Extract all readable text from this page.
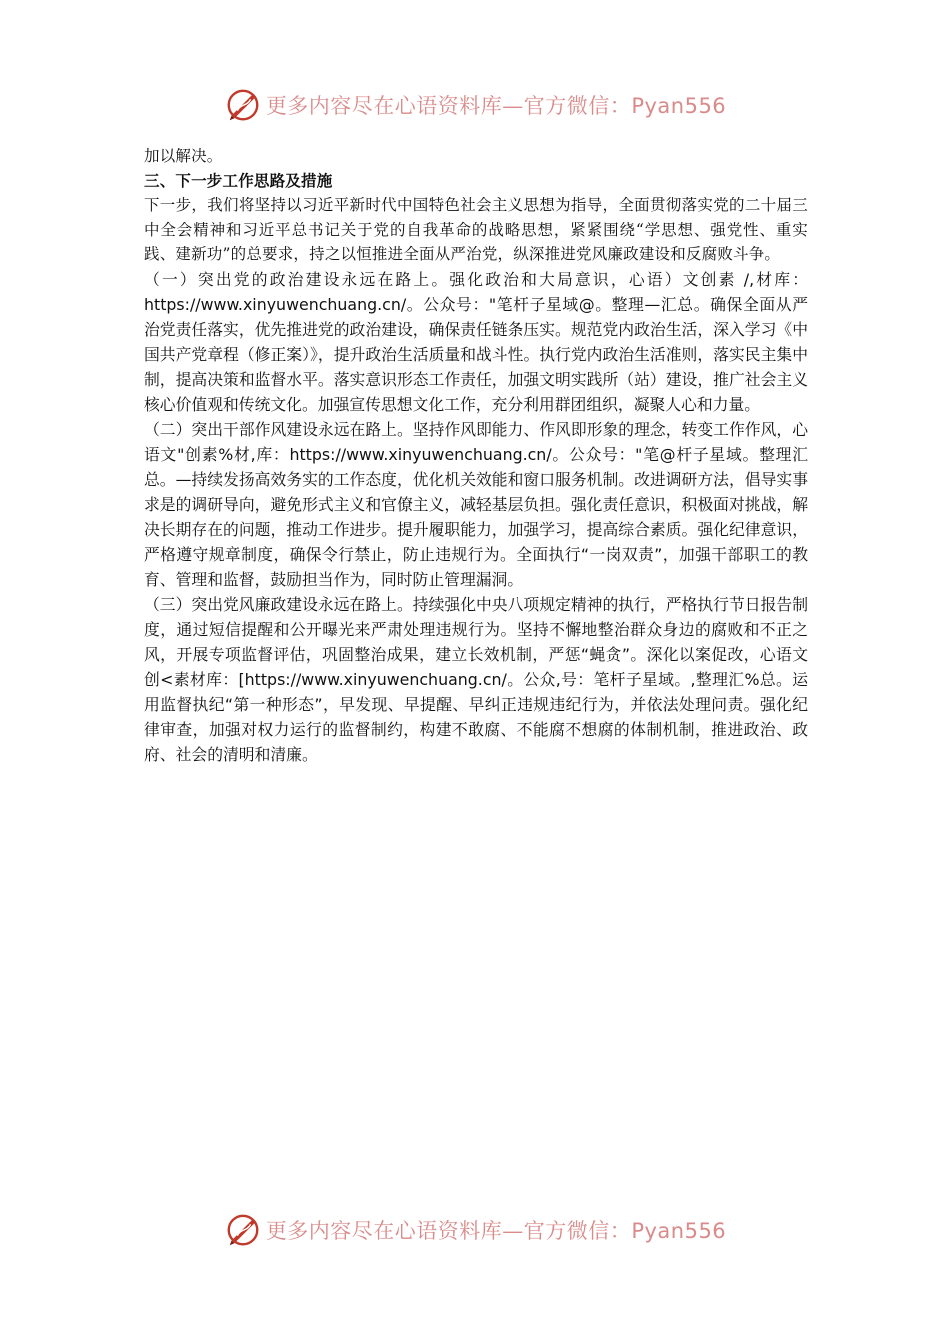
更多内容尽在心语资料库—官方微信：Pyan556

加以解决。

三、下一步工作思路及措施

下一步，我们将坚持以习近平新时代中国特色社会主义思想为指导，全面贯彻落实党的二十届三中全会精神和习近平总书记关于党的自我革命的战略思想，紧紧围绕“学思想、强党性、重实践、建新功”的总要求，持之以恒推进全面从严治党，纵深推进党风廉政建设和反腐败斗争。

（一）突出党的政治建设永远在路上。强化政治和大局意识，心语）文创素 /,材库：https://www.xinyuwenchuang.cn/。公众号："笔杆子星域@。整理—汇总。确保全面从严治党责任落实，优先推进党的政治建设，确保责任链条压实。规范党内政治生活，深入学习《中国共产党章程（修正案）》，提升政治生活质量和战斗性。执行党内政治生活准则，落实民主集中制，提高决策和监督水平。落实意识形态工作责任，加强文明实践所（站）建设，推广社会主义核心价值观和传统文化。加强宣传思想文化工作，充分利用群团组织，凝聚人心和力量。

（二）突出干部作风建设永远在路上。坚持作风即能力、作风即形象的理念，转变工作作风，心语文"创素%材,库：https://www.xinyuwenchuang.cn/。公众号："笔@杆子星域。整理汇总。—持续发扬高效务实的工作态度，优化机关效能和窗口服务机制。改进调研方法，倡导实事求是的调研导向，避免形式主义和官僚主义，减轻基层负担。强化责任意识，积极面对挑战，解决长期存在的问题，推动工作进步。提升履职能力，加强学习，提高综合素质。强化纪律意识，严格遵守规章制度，确保令行禁止，防止违规行为。全面执行“一岗双责”，加强干部职工的教育、管理和监督，鼓励担当作为，同时防止管理漏洞。

（三）突出党风廉政建设永远在路上。持续强化中央八项规定精神的执行，严格执行节日报告制度，通过短信提醒和公开曝光来严肃处理违规行为。坚持不懈地整治群众身边的腐败和不正之风，开展专项监督评估，巩固整治成果，建立长效机制，严惩“蝇贪”。深化以案促改，心语文创<素材库：[https://www.xinyuwenchuang.cn/。公众,号：笔杆子星域。,整理汇%总。运用监督执纪“第一种形态”，早发现、早提醒、早纠正违规违纪行为，并依法处理问责。强化纪律审查，加强对权力运行的监督制约，构建不敢腐、不能腐不想腐的体制机制，推进政治、政府、社会的清明和清廉。

更多内容尽在心语资料库—官方微信：Pyan556
